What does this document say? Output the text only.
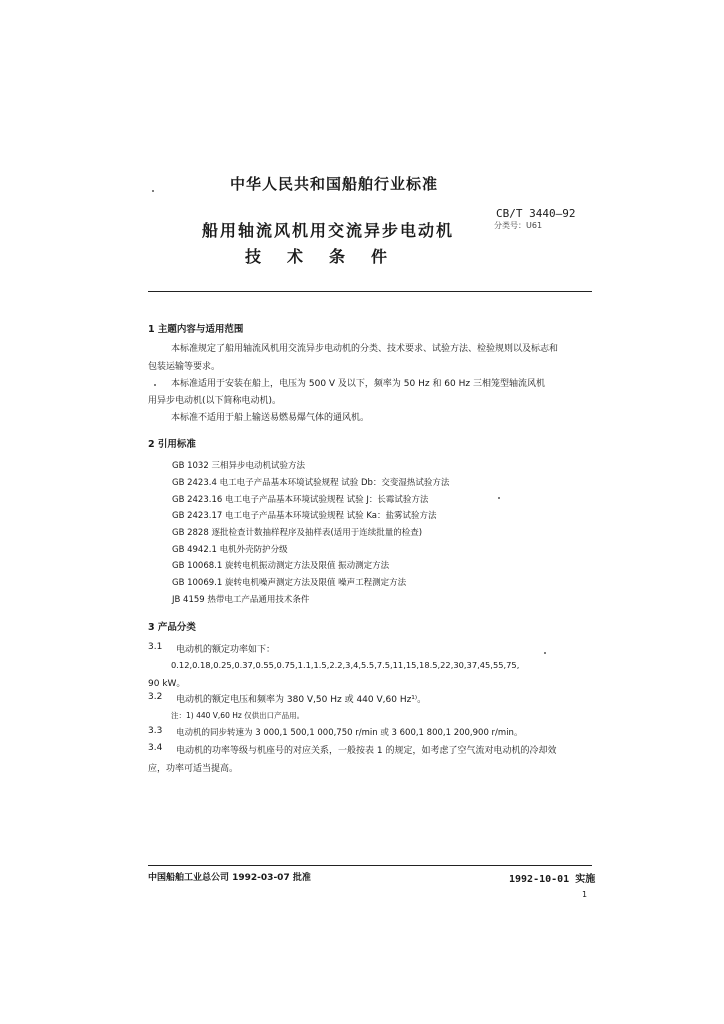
中华人民共和国船舶行业标准
船用轴流风机用交流异步电动机
技 术 条 件
CB/T 3440—92
分类号：U61
1 主题内容与适用范围
本标准规定了船用轴流风机用交流异步电动机的分类、技术要求、试验方法、检验规则以及标志和
包装运输等要求。
本标准适用于安装在船上，电压为 500 V 及以下，频率为 50 Hz 和 60 Hz 三相笼型轴流风机
用异步电动机(以下简称电动机)。
本标准不适用于船上输送易燃易爆气体的通风机。
2 引用标准
GB 1032 三相异步电动机试验方法
GB 2423.4 电工电子产品基本环境试验规程 试验 Db：交变湿热试验方法
GB 2423.16 电工电子产品基本环境试验规程 试验 J：长霉试验方法
GB 2423.17 电工电子产品基本环境试验规程 试验 Ka：盐雾试验方法
GB 2828 逐批检查计数抽样程序及抽样表(适用于连续批量的检查)
GB 4942.1 电机外壳防护分级
GB 10068.1 旋转电机振动测定方法及限值 振动测定方法
GB 10069.1 旋转电机噪声测定方法及限值 噪声工程测定方法
JB 4159 热带电工产品通用技术条件
3 产品分类
3.1 电动机的额定功率如下：
0.12,0.18,0.25,0.37,0.55,0.75,1.1,1.5,2.2,3,4,5.5,7.5,11,15,18.5,22,30,37,45,55,75,
90 kW。
3.2 电动机的额定电压和频率为 380 V,50 Hz 或 440 V,60 Hz¹⁾。
注：1) 440 V,60 Hz 仅供出口产品用。
3.3 电动机的同步转速为 3 000,1 500,1 000,750 r/min 或 3 600,1 800,1 200,900 r/min。
3.4 电动机的功率等级与机座号的对应关系，一般按表 1 的规定，如考虑了空气流对电动机的冷却效
应，功率可适当提高。
中国船舶工业总公司 1992-03-07 批准	1992-10-01 实施
1
